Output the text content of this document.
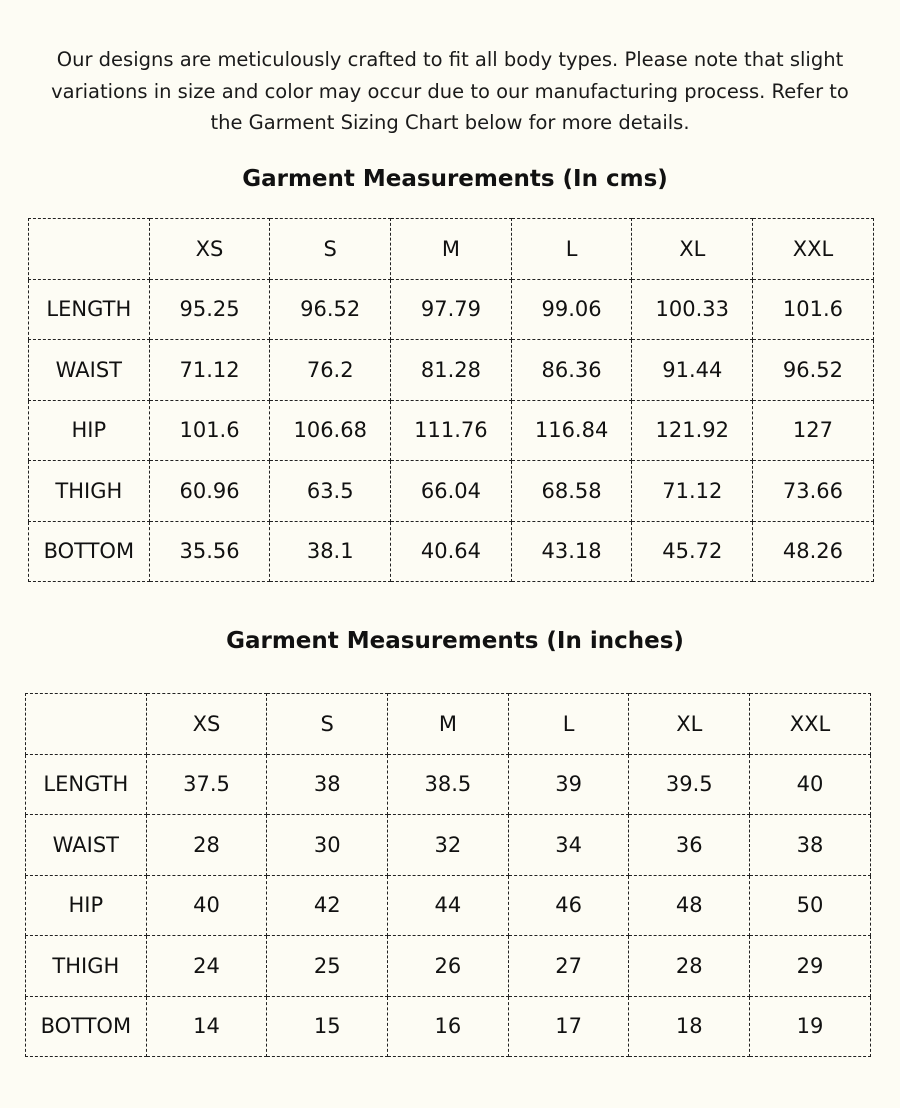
Our designs are meticulously crafted to fit all body types. Please note that slight
variations in size and color may occur due to our manufacturing process. Refer to
the Garment Sizing Chart below for more details.
Garment Measurements (In cms)
	XS	S	M	L	XL	XXL
LENGTH	95.25	96.52	97.79	99.06	100.33	101.6
WAIST	71.12	76.2	81.28	86.36	91.44	96.52
HIP	101.6	106.68	111.76	116.84	121.92	127
THIGH	60.96	63.5	66.04	68.58	71.12	73.66
BOTTOM	35.56	38.1	40.64	43.18	45.72	48.26
Garment Measurements (In inches)
	XS	S	M	L	XL	XXL
LENGTH	37.5	38	38.5	39	39.5	40
WAIST	28	30	32	34	36	38
HIP	40	42	44	46	48	50
THIGH	24	25	26	27	28	29
BOTTOM	14	15	16	17	18	19
